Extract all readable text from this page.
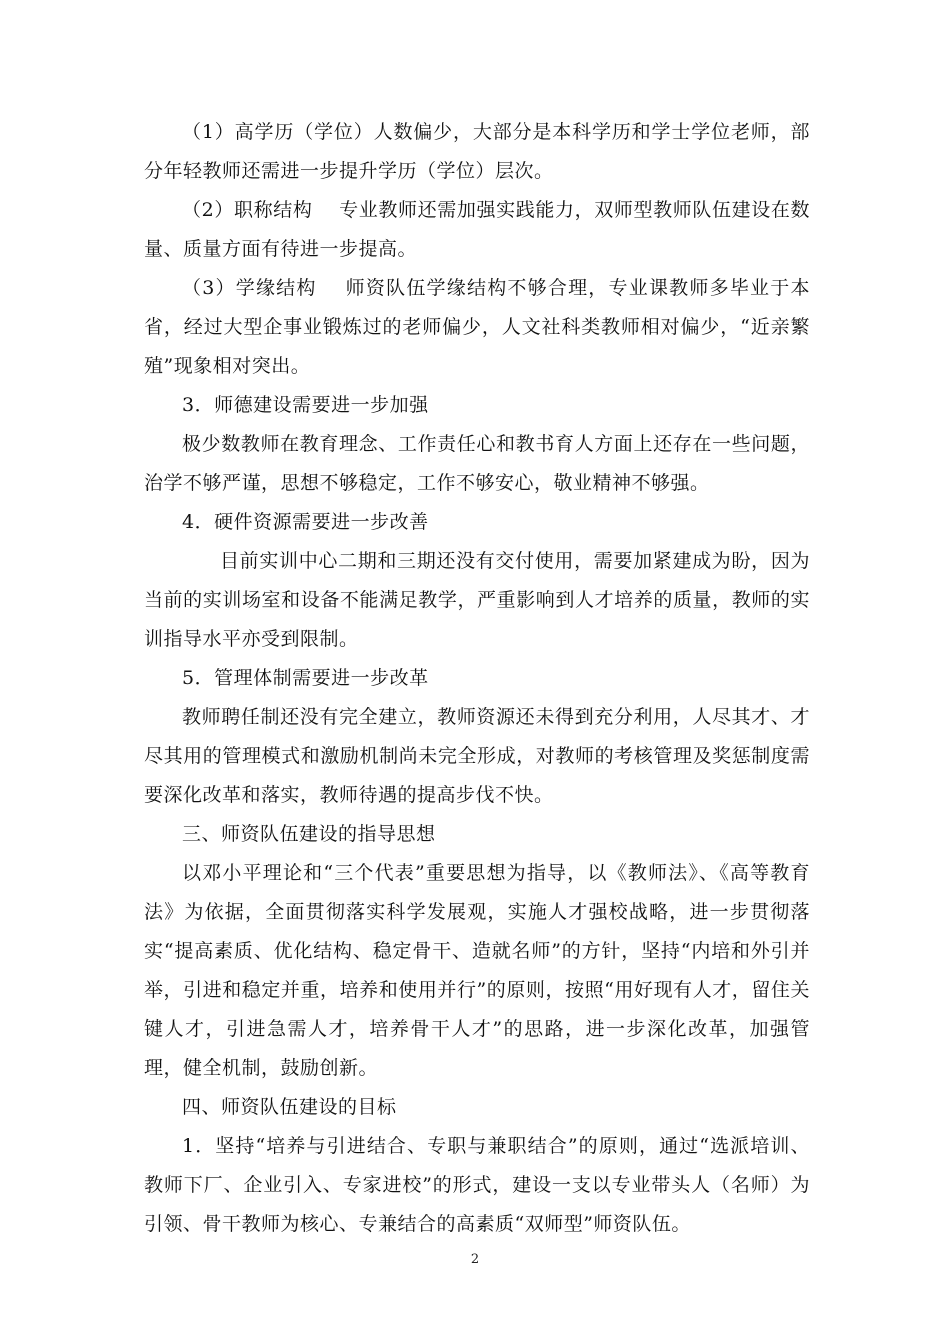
（1）高学历（学位）人数偏少，大部分是本科学历和学士学位老师，部分年轻教师还需进一步提升学历（学位）层次。

（2）职称结构    专业教师还需加强实践能力，双师型教师队伍建设在数量、质量方面有待进一步提高。

（3）学缘结构    师资队伍学缘结构不够合理，专业课教师多毕业于本省，经过大型企事业锻炼过的老师偏少，人文社科类教师相对偏少，“近亲繁殖”现象相对突出。

3．师德建设需要进一步加强

极少数教师在教育理念、工作责任心和教书育人方面上还存在一些问题，治学不够严谨，思想不够稳定，工作不够安心，敬业精神不够强。

4．硬件资源需要进一步改善

目前实训中心二期和三期还没有交付使用，需要加紧建成为盼，因为当前的实训场室和设备不能满足教学，严重影响到人才培养的质量，教师的实训指导水平亦受到限制。

5．管理体制需要进一步改革

教师聘任制还没有完全建立，教师资源还未得到充分利用，人尽其才、才尽其用的管理模式和激励机制尚未完全形成，对教师的考核管理及奖惩制度需要深化改革和落实，教师待遇的提高步伐不快。

三、师资队伍建设的指导思想

以邓小平理论和“三个代表”重要思想为指导，以《教师法》、《高等教育法》为依据，全面贯彻落实科学发展观，实施人才强校战略，进一步贯彻落实“提高素质、优化结构、稳定骨干、造就名师”的方针，坚持“内培和外引并举，引进和稳定并重，培养和使用并行”的原则，按照“用好现有人才，留住关键人才，引进急需人才，培养骨干人才”的思路，进一步深化改革，加强管理，健全机制，鼓励创新。

四、师资队伍建设的目标

1．坚持“培养与引进结合、专职与兼职结合”的原则，通过“选派培训、教师下厂、企业引入、专家进校”的形式，建设一支以专业带头人（名师）为引领、骨干教师为核心、专兼结合的高素质“双师型”师资队伍。

2
